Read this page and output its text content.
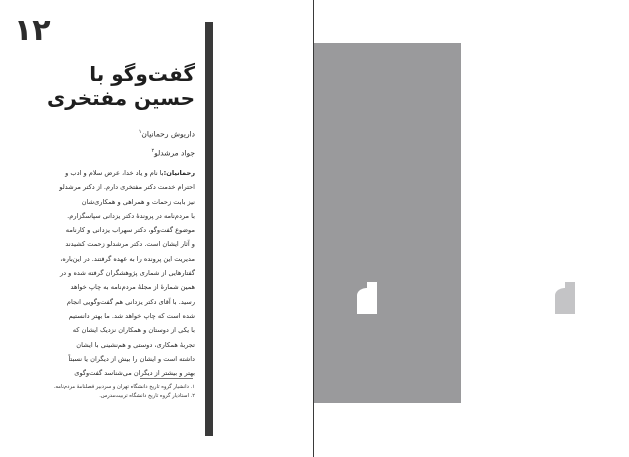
۱۲
گفت‌وگو با
حسین مفتخری
داریوش رحمانیان$^۱$
جواد مرشدلو$^۲$
رحمانیان:با نام و یاد خدا، عرض سلام و ادب و
احترام خدمت دکتر مفتخری دارم. از دکتر مرشدلو
نیز بابت زحمات و همراهی و همکاری‌شان
با مردم‌نامه در پروندهٔ دکتر یزدانی سپاسگزارم.
موضوع گفت‌وگو، دکتر سهراب یزدانی و کارنامه
و آثار ایشان است. دکتر مرشدلو زحمت کشیدند
مدیریت این پرونده را به عهده گرفتند. در این‌باره،
گفتارهایی از شماری پژوهشگران گرفته شده و در
همین شمارهٔ از مجلهٔ مردم‌نامه به چاپ خواهد
رسید. با آقای دکتر یزدانی هم گفت‌وگویی انجام
شده است که چاپ خواهد شد. ما بهتر دانستیم
با یکی از دوستان و همکاران نزدیک ایشان که
تجربهٔ همکاری، دوستی و هم‌نشینی با ایشان
داشته است و ایشان را بیش از دیگران یا نسبتاً
بهتر و بیشتر از دیگران می‌شناسد گفت‌وگوی
۱. دانشیار گروه تاریخ دانشگاه تهران و سردبیر فصلنامهٔ مردم‌نامه.
۲. استادیار گروه تاریخ دانشگاه تربیت‌مدرس.
